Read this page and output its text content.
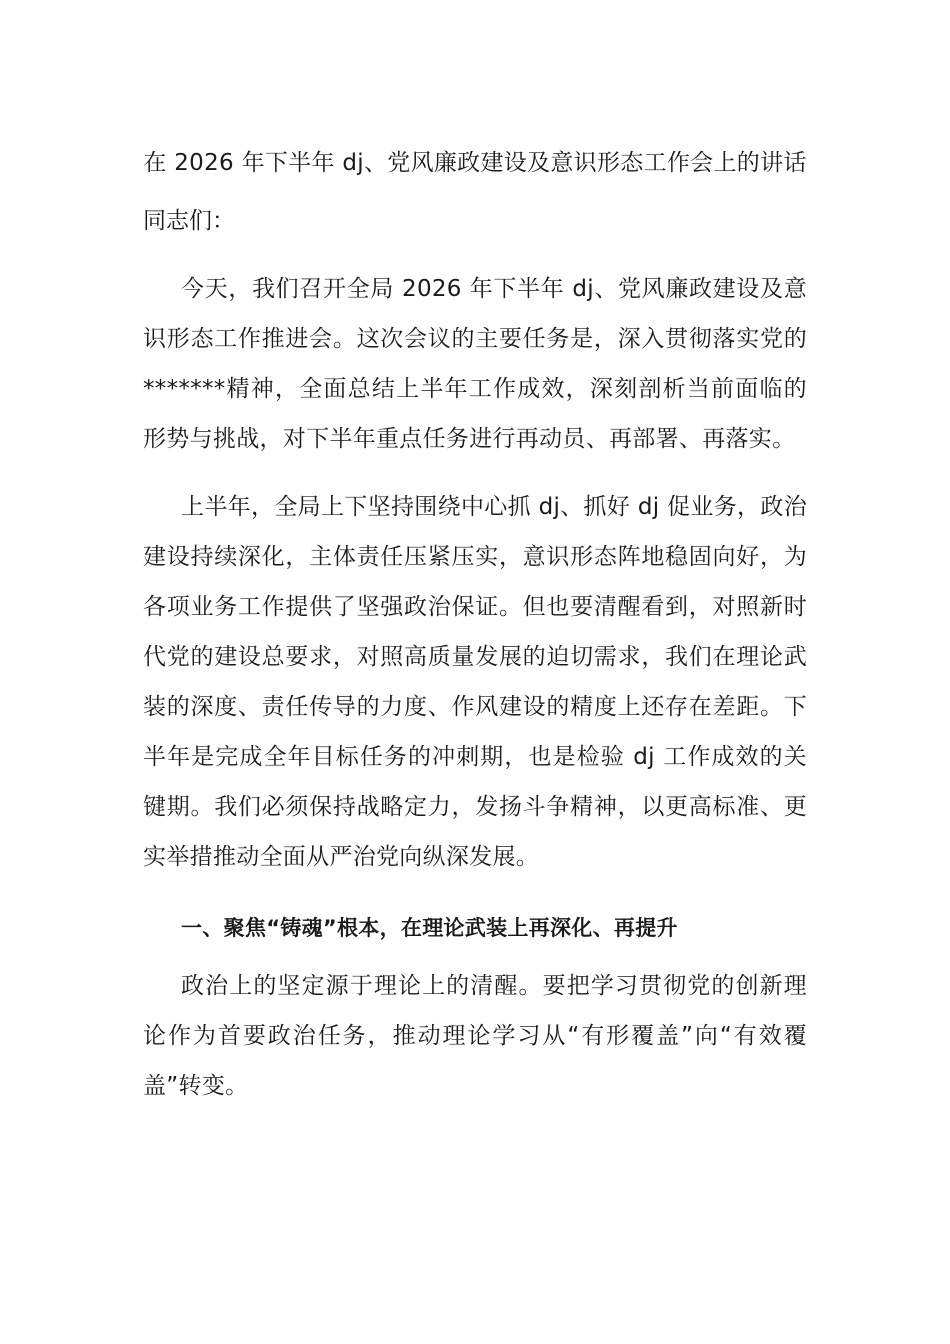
在 2026 年下半年 dj、党风廉政建设及意识形态工作会上的讲话

同志们：

今天，我们召开全局 2026 年下半年 dj、党风廉政建设及意识形态工作推进会。这次会议的主要任务是，深入贯彻落实党的*******精神，全面总结上半年工作成效，深刻剖析当前面临的形势与挑战，对下半年重点任务进行再动员、再部署、再落实。

上半年，全局上下坚持围绕中心抓 dj、抓好 dj 促业务，政治建设持续深化，主体责任压紧压实，意识形态阵地稳固向好，为各项业务工作提供了坚强政治保证。但也要清醒看到，对照新时代党的建设总要求，对照高质量发展的迫切需求，我们在理论武装的深度、责任传导的力度、作风建设的精度上还存在差距。下半年是完成全年目标任务的冲刺期，也是检验 dj 工作成效的关键期。我们必须保持战略定力，发扬斗争精神，以更高标准、更实举措推动全面从严治党向纵深发展。

一、聚焦“铸魂”根本，在理论武装上再深化、再提升

政治上的坚定源于理论上的清醒。要把学习贯彻党的创新理论作为首要政治任务，推动理论学习从“有形覆盖”向“有效覆盖”转变。
